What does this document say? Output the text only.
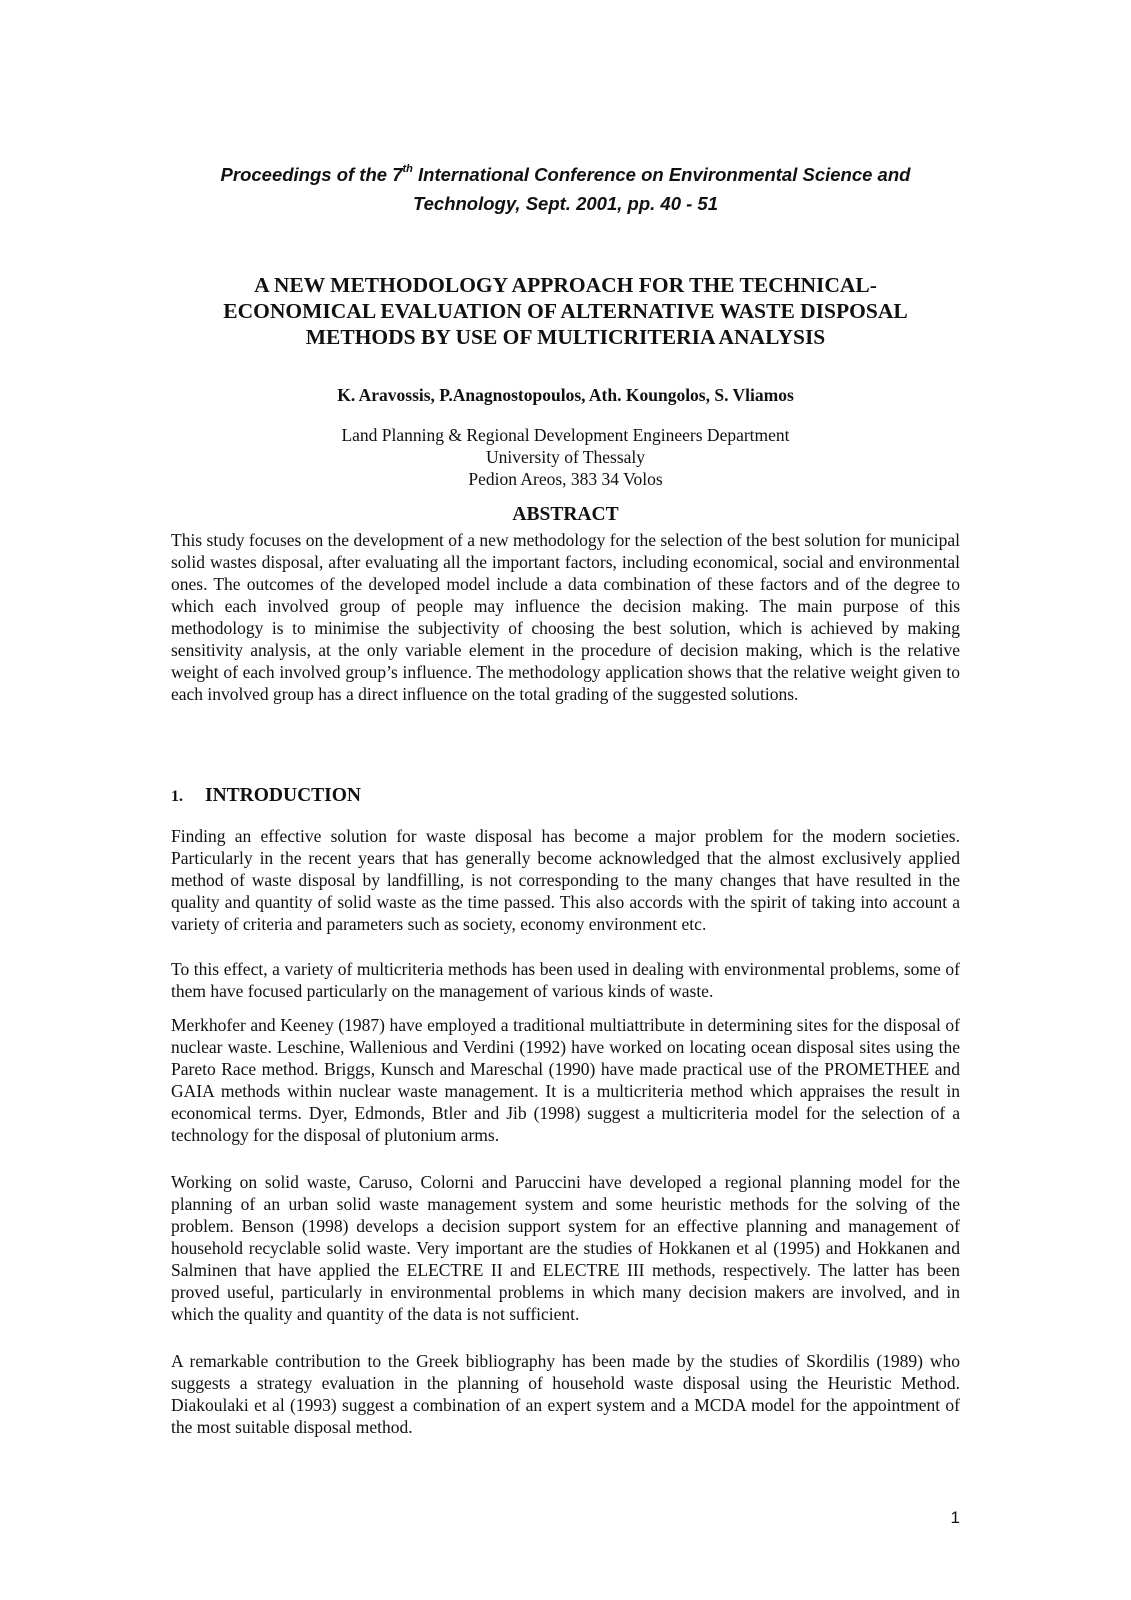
Proceedings of the 7th International Conference on Environmental Science and
Technology, Sept. 2001, pp. 40 - 51
A NEW METHODOLOGY APPROACH FOR THE TECHNICAL-
ECONOMICAL EVALUATION OF ALTERNATIVE WASTE DISPOSAL
METHODS BY USE OF MULTICRITERIA ANALYSIS
K. Aravossis, P.Anagnostopoulos, Ath. Koungolos, S. Vliamos
Land Planning & Regional Development Engineers Department
University of Thessaly
Pedion Areos, 383 34 Volos
ABSTRACT

This study focuses on the development of a new methodology for the selection of the best solution for municipal solid wastes disposal, after evaluating all the important factors, including economical, social and environmental ones. The outcomes of the developed model include a data combination of these factors and of the degree to which each involved group of people may influence the decision making. The main purpose of this methodology is to minimise the subjectivity of choosing the best solution, which is achieved by making sensitivity analysis, at the only variable element in the procedure of decision making, which is the relative weight of each involved group’s influence. The methodology application shows that the relative weight given to each involved group has a direct influence on the total grading of the suggested solutions.

1. INTRODUCTION

Finding an effective solution for waste disposal has become a major problem for the modern societies. Particularly in the recent years that has generally become acknowledged that the almost exclusively applied method of waste disposal by landfilling, is not corresponding to the many changes that have resulted in the quality and quantity of solid waste as the time passed. This also accords with the spirit of taking into account a variety of criteria and parameters such as society, economy environment etc.

To this effect, a variety of multicriteria methods has been used in dealing with environmental problems, some of them have focused particularly on the management of various kinds of waste.

Merkhofer and Keeney (1987) have employed a traditional multiattribute in determining sites for the disposal of nuclear waste. Leschine, Wallenious and Verdini (1992) have worked on locating ocean disposal sites using the Pareto Race method. Briggs, Kunsch and Mareschal (1990) have made practical use of the PROMETHEE and GAIA methods within nuclear waste management. It is a multicriteria method which appraises the result in economical terms. Dyer, Edmonds, Btler and Jib (1998) suggest a multicriteria model for the selection of a technology for the disposal of plutonium arms.

Working on solid waste, Caruso, Colorni and Paruccini have developed a regional planning model for the planning of an urban solid waste management system and some heuristic methods for the solving of the problem. Benson (1998) develops a decision support system for an effective planning and management of household recyclable solid waste. Very important are the studies of Hokkanen et al (1995) and Hokkanen and Salminen that have applied the ELECTRE II and ELECTRE III methods, respectively. The latter has been proved useful, particularly in environmental problems in which many decision makers are involved, and in which the quality and quantity of the data is not sufficient.

A remarkable contribution to the Greek bibliography has been made by the studies of Skordilis (1989) who suggests a strategy evaluation in the planning of household waste disposal using the Heuristic Method. Diakoulaki et al (1993) suggest a combination of an expert system and a MCDA model for the appointment of the most suitable disposal method.

1
